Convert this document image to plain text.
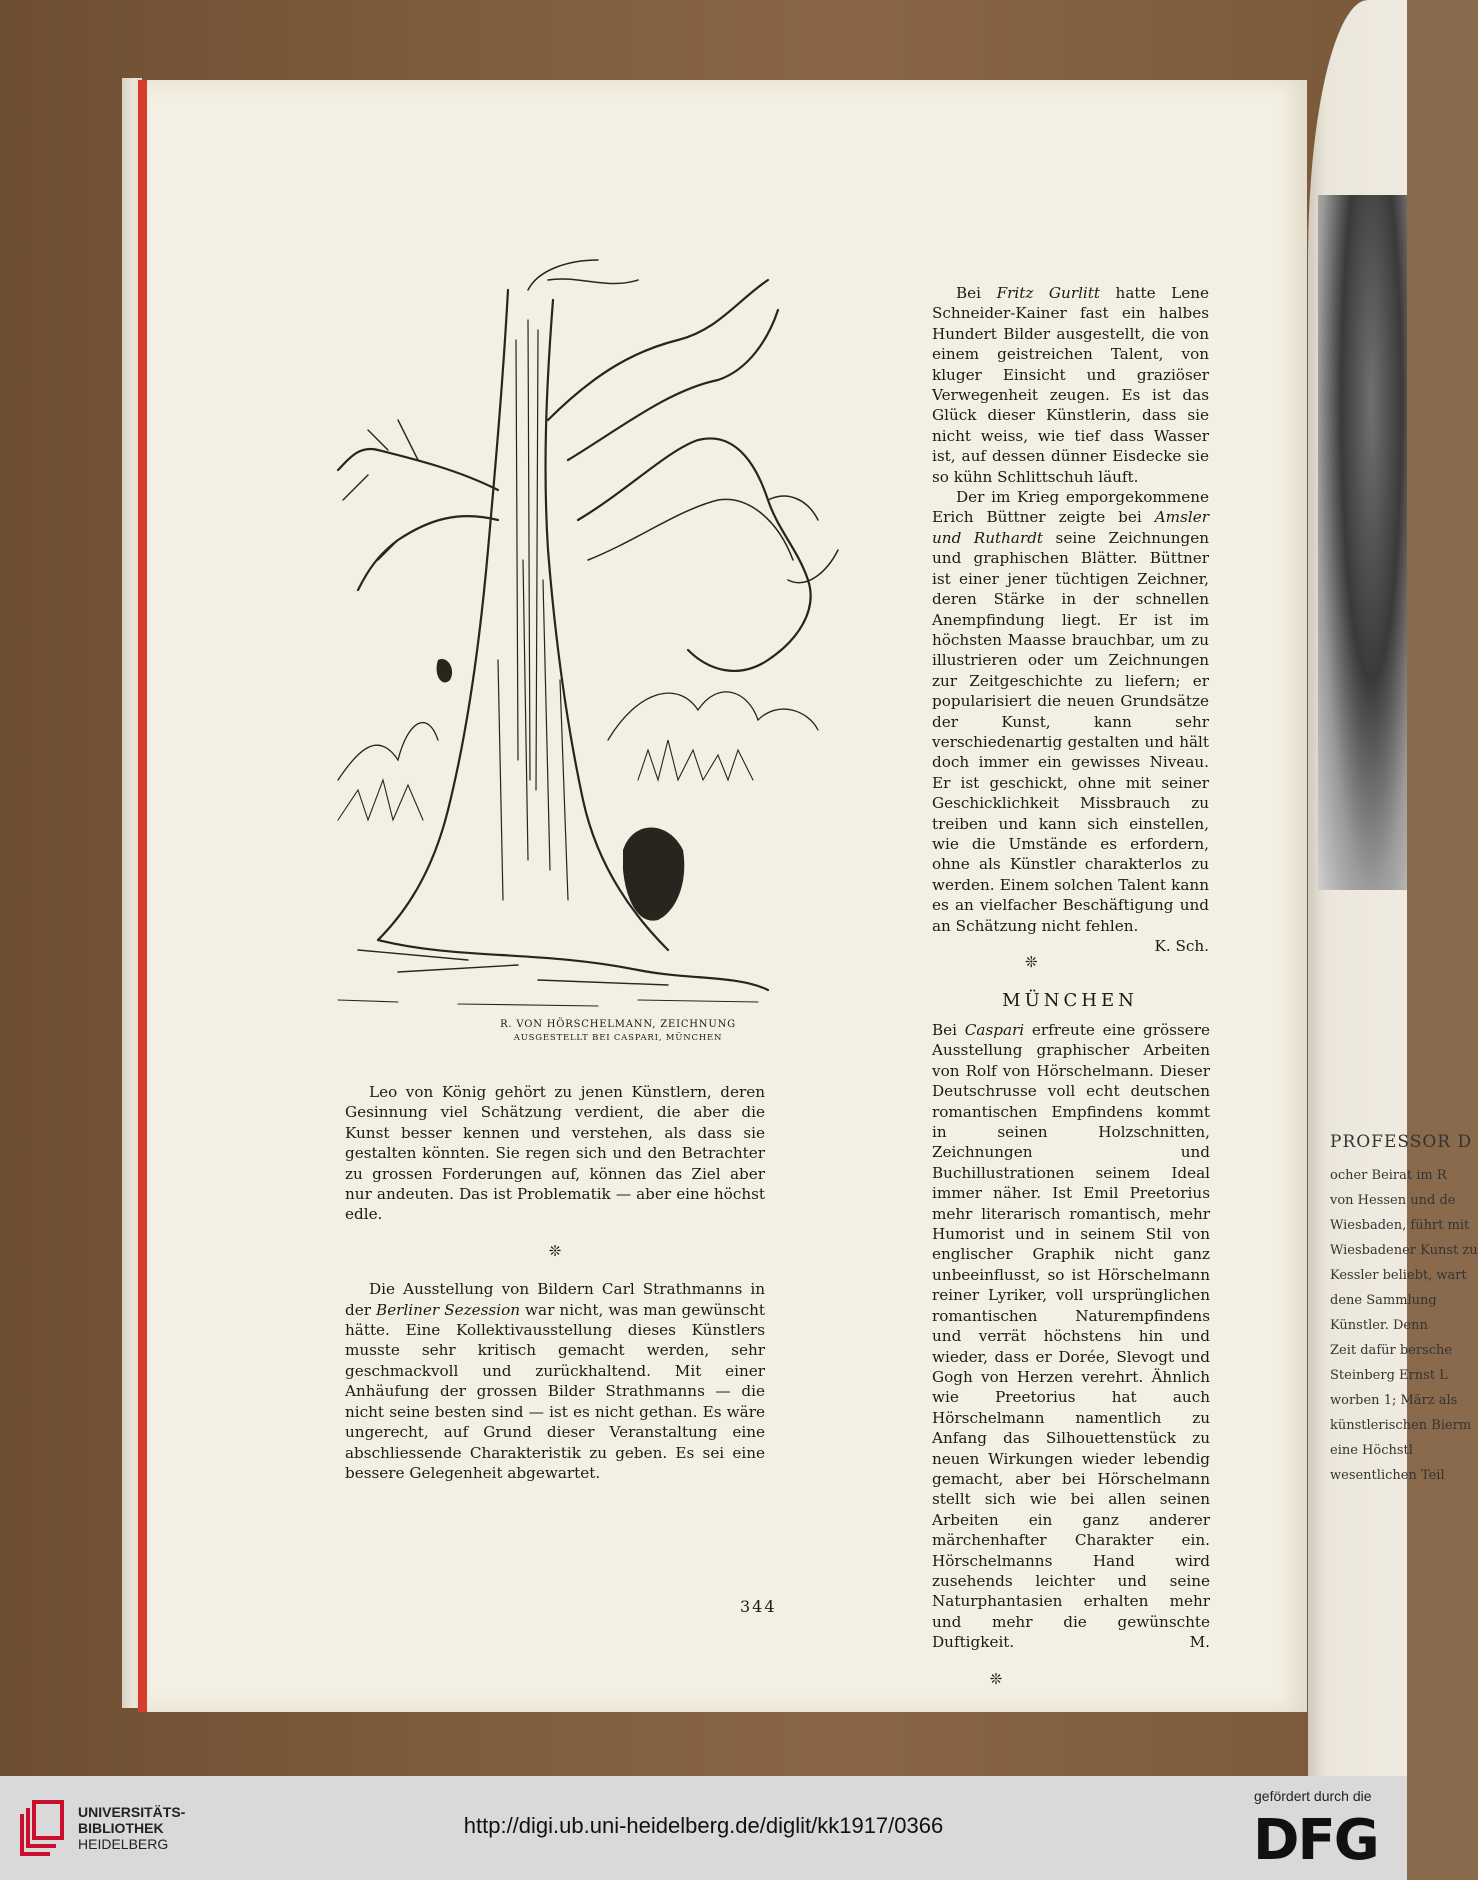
PROFESSOR D
ocher Beirat im R
von Hessen und de
Wiesbaden, führt mit
Wiesbadener Kunst zu
Kessler beliebt, wart
dene Sammlung
Künstler. Denn
Zeit dafür bersche
Steinberg Ernst L
worben 1; März als
künstlerischen Bierm
eine Höchstl
wesentlichen Teil
R. VON HÖRSCHELMANN, ZEICHNUNG
AUSGESTELLT BEI CASPARI, MÜNCHEN

Bei Fritz Gurlitt hatte Lene Schneider-Kainer fast ein halbes Hundert Bilder ausgestellt, die von einem geistreichen Talent, von kluger Einsicht und graziöser Verwegenheit zeugen. Es ist das Glück dieser Künstlerin, dass sie nicht weiss, wie tief dass Wasser ist, auf dessen dünner Eisdecke sie so kühn Schlittschuh läuft.

Der im Krieg emporgekommene Erich Büttner zeigte bei Amsler und Ruthardt seine Zeichnungen und graphischen Blätter. Büttner ist einer jener tüchtigen Zeichner, deren Stärke in der schnellen Anempfindung liegt. Er ist im höchsten Maasse brauchbar, um zu illustrieren oder um Zeichnungen zur Zeitgeschichte zu liefern; er popularisiert die neuen Grundsätze der Kunst, kann sehr verschiedenartig gestalten und hält doch immer ein gewisses Niveau. Er ist geschickt, ohne mit seiner Geschicklichkeit Missbrauch zu treiben und kann sich einstellen, wie die Umstände es erfordern, ohne als Künstler charakterlos zu werden. Einem solchen Talent kann es an vielfacher Beschäftigung und an Schätzung nicht fehlen.
K. Sch.

❊
MÜNCHEN

Bei Caspari erfreute eine grössere Ausstellung graphischer Arbeiten von Rolf von Hörschelmann. Dieser Deutschrusse voll echt deutschen romantischen Empfindens kommt in seinen Holzschnitten, Zeichnungen und Buchillustrationen seinem Ideal immer näher. Ist Emil Preetorius mehr literarisch romantisch, mehr Humorist und in seinem Stil von englischer Graphik nicht ganz unbeeinflusst, so ist Hörschelmann reiner Lyriker, voll ursprünglichen romantischen Naturempfindens und verrät höchstens hin und wieder, dass er Dorée, Slevogt und Gogh von Herzen verehrt. Ähnlich wie Preetorius hat auch Hörschelmann namentlich zu Anfang das Silhouettenstück zu neuen Wirkungen wieder lebendig gemacht, aber bei Hörschelmann stellt sich wie bei allen seinen Arbeiten ein ganz anderer märchenhafter Charakter ein. Hörschelmanns Hand wird zusehends leichter und seine Naturphantasien erhalten mehr und mehr die gewünschte Duftigkeit.	M.

❊

Leo von König gehört zu jenen Künstlern, deren Gesinnung viel Schätzung verdient, die aber die Kunst besser kennen und verstehen, als dass sie gestalten könnten. Sie regen sich und den Betrachter zu grossen Forderungen auf, können das Ziel aber nur andeuten. Das ist Problematik — aber eine höchst edle.

❊

Die Ausstellung von Bildern Carl Strathmanns in der Berliner Sezession war nicht, was man gewünscht hätte. Eine Kollektivausstellung dieses Künstlers musste sehr kritisch gemacht werden, sehr geschmackvoll und zurückhaltend. Mit einer Anhäufung der grossen Bilder Strathmanns — die nicht seine besten sind — ist es nicht gethan. Es wäre ungerecht, auf Grund dieser Veranstaltung eine abschliessende Charakteristik zu geben. Es sei eine bessere Gelegenheit abgewartet.

344
UNIVERSITÄTS-
BIBLIOTHEK
HEIDELBERG
http://digi.ub.uni-heidelberg.de/diglit/kk1917/0366
gefördert durch die
DFG
